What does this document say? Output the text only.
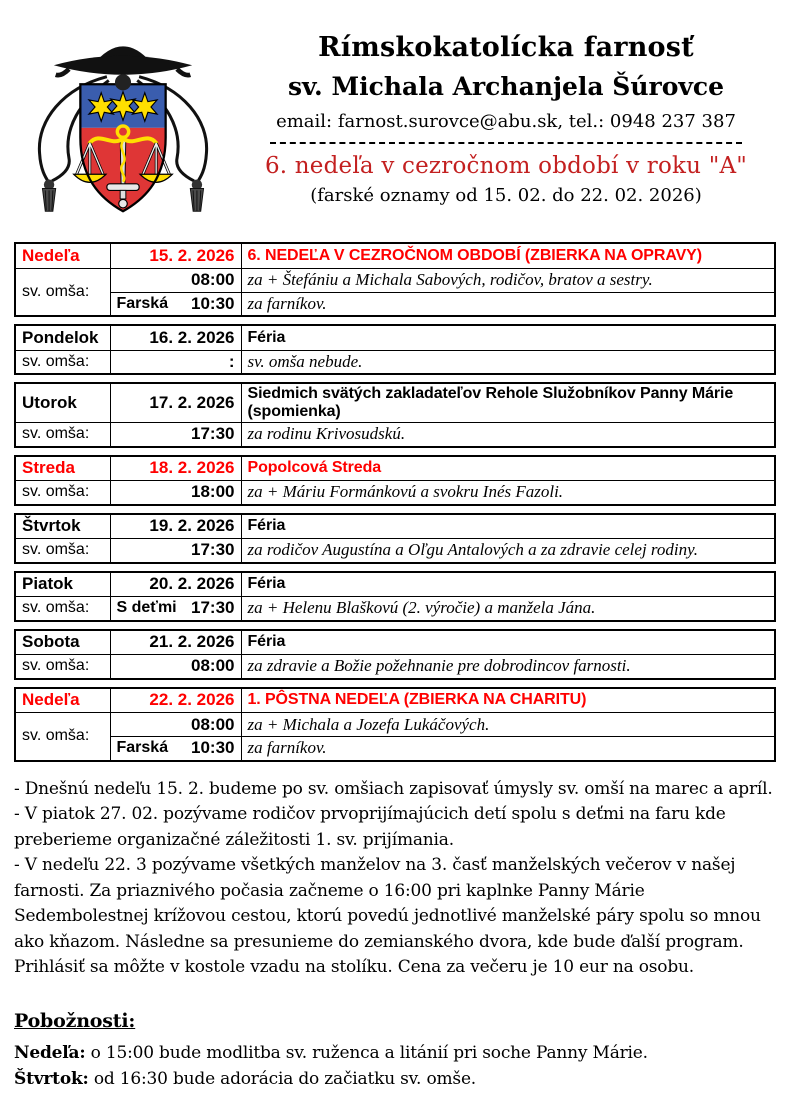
Rímskokatolícka farnosť
sv. Michala Archanjela Šúrovce
email: farnost.surovce@abu.sk, tel.: 0948 237 387
6. nedeľa v cezročnom období v roku "A"
(farské oznamy od 15. 02. do 22. 02. 2026)
Nedeľa	15. 2. 2026	6. NEDEĽA V CEZROČNOM OBDOBÍ (ZBIERKA NA OPRAVY)
sv. omša:	08:00	za + Štefániu a Michala Sabových, rodičov, bratov a sestry.

	Farská 10:30	za farníkov.
Pondelok	16. 2. 2026	Féria
sv. omša:	:	sv. omša nebude.
Utorok	17. 2. 2026	Siedmich svätých zakladateľov Rehole Služobníkov Panny Márie (spomienka)
sv. omša:	17:30	za rodinu Krivosudskú.
Streda	18. 2. 2026	Popolcová Streda
sv. omša:	18:00	za + Máriu Formánkovú a svokru Inés Fazoli.
Štvrtok	19. 2. 2026	Féria
sv. omša:	17:30	za rodičov Augustína a Oľgu Antalových a za zdravie celej rodiny.
Piatok	20. 2. 2026	Féria
sv. omša:	S deťmi 17:30	za + Helenu Blaškovú (2. výročie) a manžela Jána.
Sobota	21. 2. 2026	Féria
sv. omša:	08:00	za zdravie a Božie požehnanie pre dobrodincov farnosti.
Nedeľa	22. 2. 2026	1. PÔSTNA NEDEĽA (ZBIERKA NA CHARITU)
sv. omša:	08:00	za + Michala a Jozefa Lukáčových.

	Farská 10:30	za farníkov.

- Dnešnú nedeľu 15. 2. budeme po sv. omšiach zapisovať úmysly sv. omší na marec a apríl.

- V piatok 27. 02. pozývame rodičov prvoprijímajúcich detí spolu s deťmi na faru kde preberieme organizačné záležitosti 1. sv. prijímania.

- V nedeľu 22. 3 pozývame všetkých manželov na 3. časť manželských večerov v našej farnosti. Za priaznivého počasia začneme o 16:00 pri kaplnke Panny Márie Sedembolestnej krížovou cestou, ktorú povedú jednotlivé manželské páry spolu so mnou ako kňazom. Následne sa presunieme do zemianského dvora, kde bude ďalší program. Prihlásiť sa môžte v kostole vzadu na stolíku. Cena za večeru je 10 eur na osobu.

Pobožnosti:

Nedeľa: o 15:00 bude modlitba sv. ruženca a litánií pri soche Panny Márie.

Štvrtok: od 16:30 bude adorácia do začiatku sv. omše.
